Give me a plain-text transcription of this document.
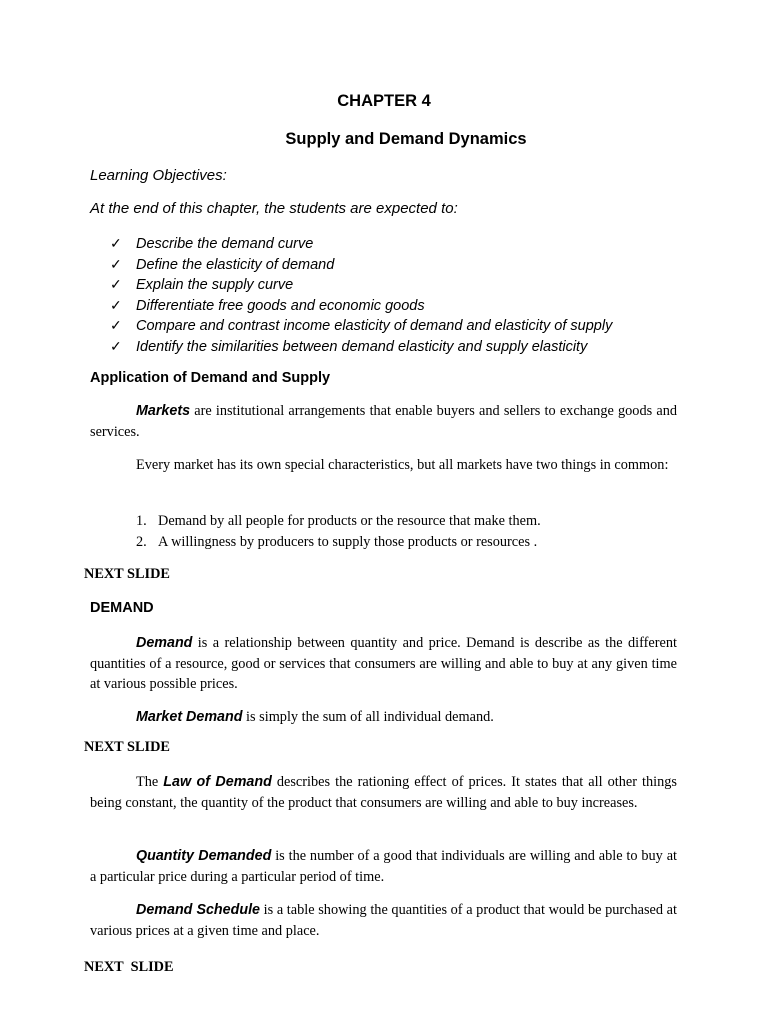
CHAPTER 4

Supply and Demand Dynamics

Learning Objectives:

At the end of this chapter, the students are expected to:

✓ Describe the demand curve
✓ Define the elasticity of demand
✓ Explain the supply curve
✓ Differentiate free goods and economic goods
✓ Compare and contrast income elasticity of demand and elasticity of supply
✓ Identify the similarities between demand elasticity and supply elasticity

Application of Demand and Supply

Markets are institutional arrangements that enable buyers and sellers to exchange goods and services.

Every market has its own special characteristics, but all markets have two things in common:

1. Demand by all people for products or the resource that make them.
2. A willingness by producers to supply those products or resources .

NEXT SLIDE

DEMAND

Demand is a relationship between quantity and price. Demand is describe as the different quantities of a resource, good or services that consumers are willing and able to buy at any given time at various possible prices.

Market Demand is simply the sum of all individual demand.

NEXT SLIDE

The Law of Demand describes the rationing effect of prices. It states that all other things being constant, the quantity of the product that consumers are willing and able to buy increases.

Quantity Demanded is the number of a good that individuals are willing and able to buy at a particular price during a particular period of time.

Demand Schedule is a table showing the quantities of a product that would be purchased at various prices at a given time and place.

NEXT  SLIDE
